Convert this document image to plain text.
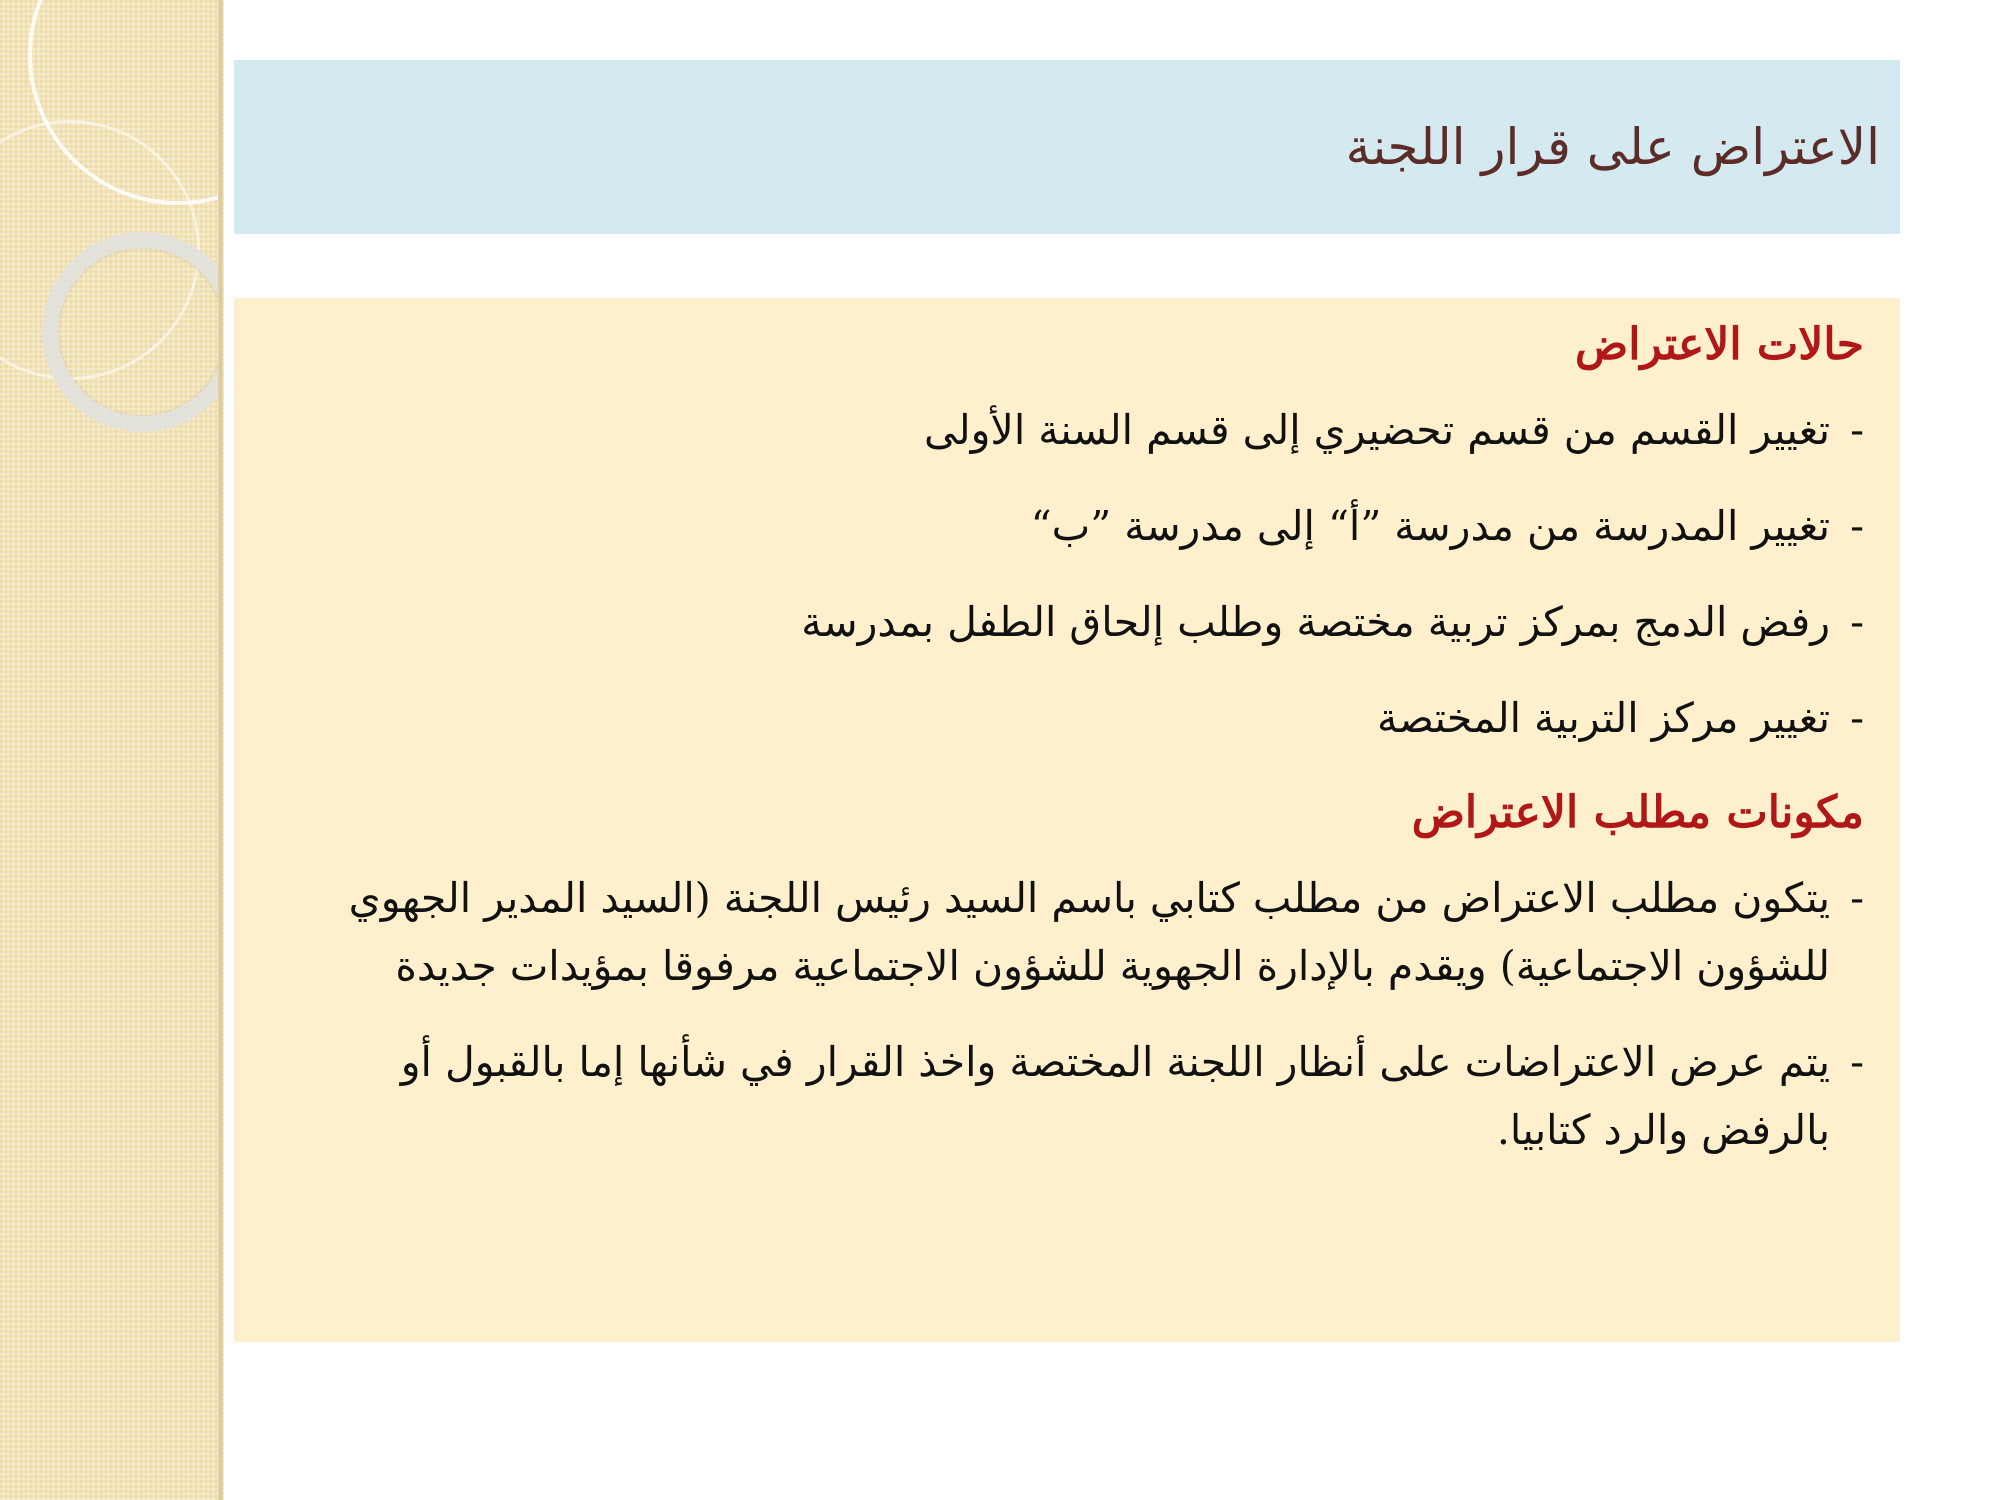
الاعتراض على قرار اللجنة
حالات الاعتراض
-
تغيير القسم من قسم تحضيري إلى قسم السنة الأولى
-
تغيير المدرسة من مدرسة ”أ“ إلى مدرسة ”ب“
-
رفض الدمج بمركز تربية مختصة وطلب إلحاق الطفل بمدرسة
-
تغيير مركز التربية المختصة
مكونات مطلب الاعتراض
-
يتكون مطلب الاعتراض من مطلب كتابي باسم السيد رئيس اللجنة (السيد المدير الجهوي للشؤون الاجتماعية) ويقدم بالإدارة الجهوية للشؤون الاجتماعية مرفوقا بمؤيدات جديدة
-
يتم عرض الاعتراضات على أنظار اللجنة المختصة واخذ القرار في شأنها إما بالقبول أو بالرفض والرد كتابيا.
